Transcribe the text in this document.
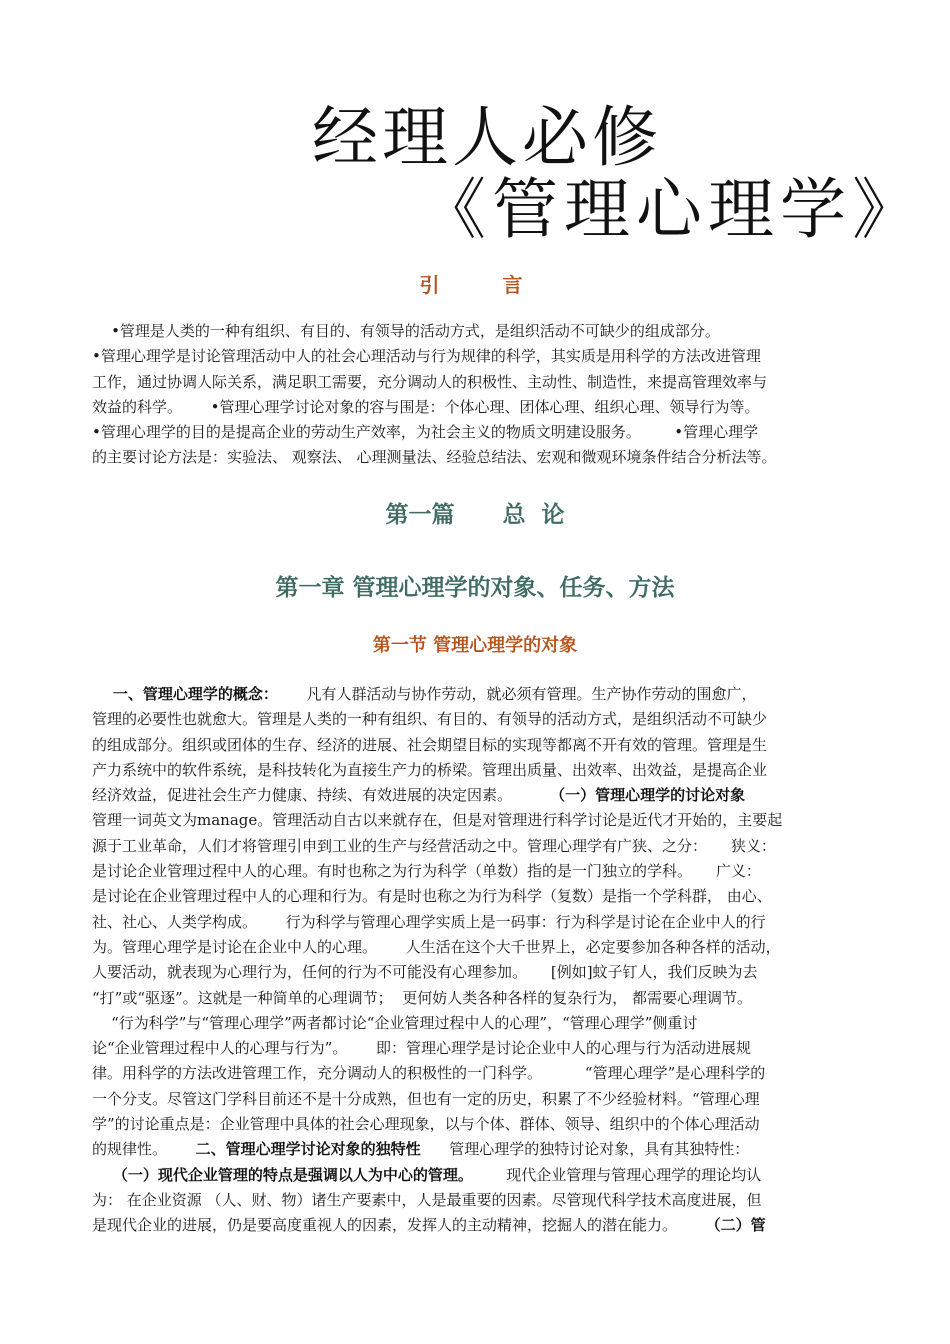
经理人必修
《管理心理学》
引 言
•管理是人类的一种有组织、有目的、有领导的活动方式，是组织活动不可缺少的组成部分。
•管理心理学是讨论管理活动中人的社会心理活动与行为规律的科学，其实质是用科学的方法改进管理
工作，通过协调人际关系，满足职工需要，充分调动人的积极性、主动性、制造性，来提高管理效率与
效益的科学。      •管理心理学讨论对象的容与围是：个体心理、团体心理、组织心理、领导行为等。
•管理心理学的目的是提高企业的劳动生产效率，为社会主义的物质文明建设服务。       •管理心理学
的主要讨论方法是：实验法、 观察法、 心理测量法、经验总结法、宏观和微观环境条件结合分析法等。
第一篇      总  论
第一章 管理心理学的对象、任务、方法
第一节 管理心理学的对象
一、管理心理学的概念：      凡有人群活动与协作劳动，就必须有管理。生产协作劳动的围愈广，
管理的必要性也就愈大。管理是人类的一种有组织、有目的、有领导的活动方式，是组织活动不可缺少
的组成部分。组织或团体的生存、经济的进展、社会期望目标的实现等都离不开有效的管理。管理是生
产力系统中的软件系统，是科技转化为直接生产力的桥梁。管理出质量、出效率、出效益，是提高企业
经济效益，促进社会生产力健康、持续、有效进展的决定因素。        （一）管理心理学的讨论对象
管理一词英文为manage。管理活动自古以来就存在，但是对管理进行科学讨论是近代才开始的，主要起
源于工业革命，人们才将管理引申到工业的生产与经营活动之中。管理心理学有广狭、之分：     狭义：
是讨论企业管理过程中人的心理。有时也称之为行为科学（单数）指的是一门独立的学科。     广义：
是讨论在企业管理过程中人的心理和行为。有是时也称之为行为科学（复数）是指一个学科群， 由心、
社、社心、人类学构成。      行为科学与管理心理学实质上是一码事：行为科学是讨论在企业中人的行
为。管理心理学是讨论在企业中人的心理。      人生活在这个大千世界上，必定要参加各种各样的活动，
人要活动，就表现为心理行为，任何的行为不可能没有心理参加。     [例如]蚊子钉人，我们反映为去
“打”或“驱逐”。这就是一种简单的心理调节；  更何妨人类各种各样的复杂行为， 都需要心理调节。
“行为科学”与“管理心理学”两者都讨论“企业管理过程中人的心理”，“管理心理学”侧重讨
论“企业管理过程中人的心理与行为”。      即：管理心理学是讨论企业中人的心理与行为活动进展规
律。用科学的方法改进管理工作，充分调动人的积极性的一门科学。         “管理心理学”是心理科学的
一个分支。尽管这门学科目前还不是十分成熟，但也有一定的历史，积累了不少经验材料。“管理心理
学”的讨论重点是：企业管理中具体的社会心理现象，以与个体、群体、领导、组织中的个体心理活动
的规律性。      二、管理心理学讨论对象的独特性      管理心理学的独特讨论对象，具有其独特性：
（一）现代企业管理的特点是强调以人为中心的管理。       现代企业管理与管理心理学的理论均认
为： 在企业资源 （人、财、物）诸生产要素中，人是最重要的因素。尽管现代科学技术高度进展，但
是现代企业的进展，仍是要高度重视人的因素，发挥人的主动精神，挖掘人的潜在能力。      （二）管
